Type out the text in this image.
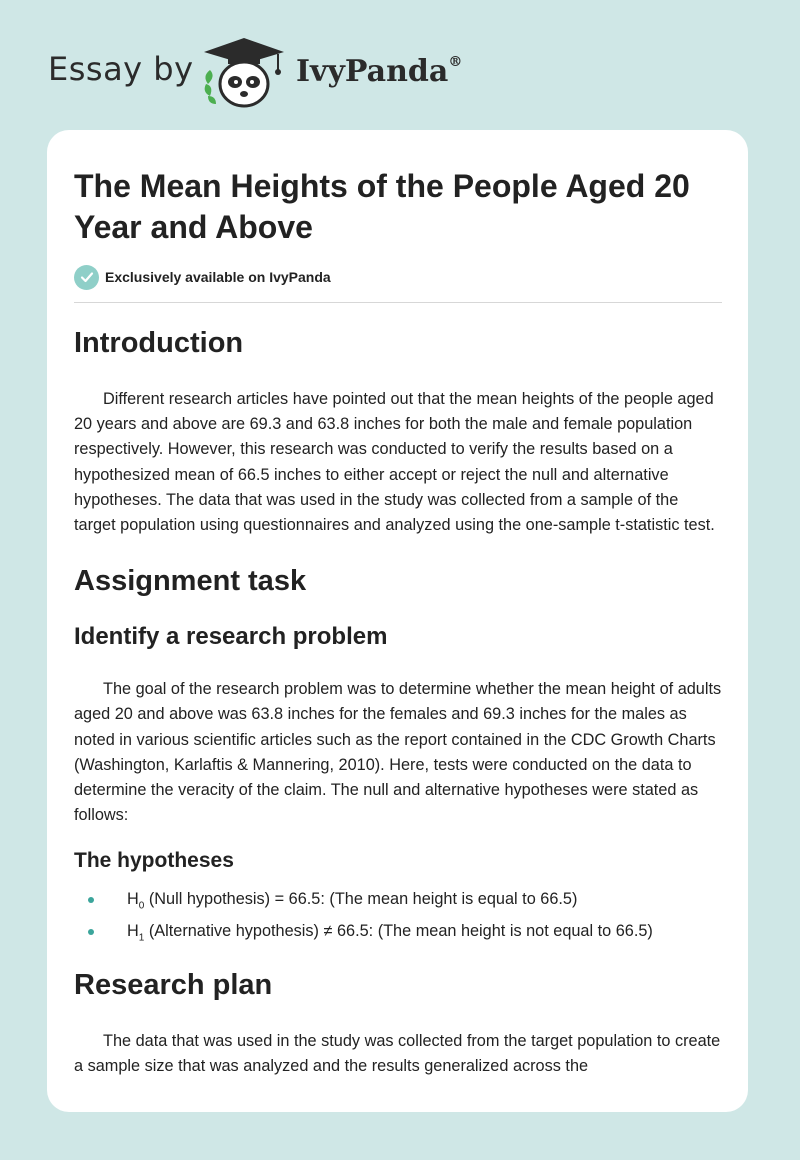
Essay by	IvyPanda®
The Mean Heights of the People Aged 20 Year and Above
Exclusively available on IvyPanda
Introduction

Different research articles have pointed out that the mean heights of the people aged 20 years and above are 69.3 and 63.8 inches for both the male and female population respectively. However, this research was conducted to verify the results based on a hypothesized mean of 66.5 inches to either accept or reject the null and alternative hypotheses. The data that was used in the study was collected from a sample of the target population using questionnaires and analyzed using the one-sample t-statistic test.

Assignment task
Identify a research problem

The goal of the research problem was to determine whether the mean height of adults aged 20 and above was 63.8 inches for the females and 69.3 inches for the males as noted in various scientific articles such as the report contained in the CDC Growth Charts (Washington, Karlaftis & Mannering, 2010). Here, tests were conducted on the data to determine the veracity of the claim. The null and alternative hypotheses were stated as follows:

The hypotheses
$H_0$ (Null hypothesis) = 66.5: (The mean height is equal to 66.5)
$H_1$ (Alternative hypothesis) ≠ 66.5: (The mean height is not equal to 66.5)
Research plan

The data that was used in the study was collected from the target population to create a sample size that was analyzed and the results generalized across the
